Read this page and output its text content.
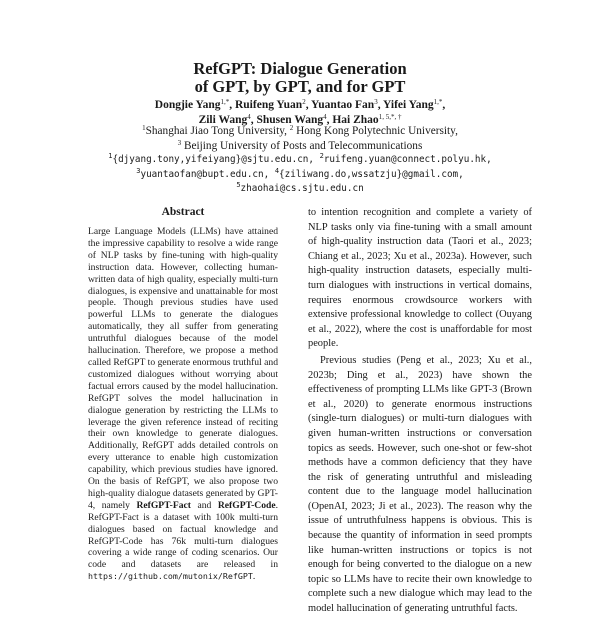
RefGPT: Dialogue Generation
of GPT, by GPT, and for GPT
Dongjie Yang$^{1,*}$, Ruifeng Yuan$^2$, Yuantao Fan$^3$, Yifei Yang$^{1,*}$,
Zili Wang$^4$, Shusen Wang$^4$, Hai Zhao$^{1, 5,*, \dagger}$
$^1$Shanghai Jiao Tong University, $^2$ Hong Kong Polytechnic University,
$^3$ Beijing University of Posts and Telecommunications
$^1${djyang.tony,yifeiyang}@sjtu.edu.cn, $^2$ruifeng.yuan@connect.polyu.hk,
$^3$yuantaofan@bupt.edu.cn, $^4${ziliwang.do,wssatzju}@gmail.com,
$^5$zhaohai@cs.sjtu.edu.cn
Abstract
Large Language Models (LLMs) have attained the impressive capability to resolve a wide range of NLP tasks by fine-tuning with high-quality instruction data. However, collecting human-written data of high quality, especially multi-turn dialogues, is expensive and unattainable for most people. Though previous studies have used powerful LLMs to generate the dialogues automatically, they all suffer from generating untruthful dialogues because of the model hallucination. Therefore, we propose a method called RefGPT to generate enormous truthful and customized dialogues without worrying about factual errors caused by the model hallucination. RefGPT solves the model hallucination in dialogue generation by restricting the LLMs to leverage the given reference instead of reciting their own knowledge to generate dialogues. Additionally, RefGPT adds detailed controls on every utterance to enable high customization capability, which previous studies have ignored. On the basis of RefGPT, we also propose two high-quality dialogue datasets generated by GPT-4, namely RefGPT-Fact and RefGPT-Code. RefGPT-Fact is a dataset with 100k multi-turn dialogues based on factual knowledge and RefGPT-Code has 76k multi-turn dialogues covering a wide range of coding scenarios. Our code and datasets are released in https://github.com/mutonix/RefGPT.

to intention recognition and complete a variety of NLP tasks only via fine-tuning with a small amount of high-quality instruction data (Taori et al., 2023; Chiang et al., 2023; Xu et al., 2023a). However, such high-quality instruction datasets, especially multi-turn dialogues with instructions in vertical domains, requires enormous crowdsource workers with extensive professional knowledge to collect (Ouyang et al., 2022), where the cost is unaffordable for most people.

Previous studies (Peng et al., 2023; Xu et al., 2023b; Ding et al., 2023) have shown the effectiveness of prompting LLMs like GPT-3 (Brown et al., 2020) to generate enormous instructions (single-turn dialogues) or multi-turn dialogues with given human-written instructions or conversation topics as seeds. However, such one-shot or few-shot methods have a common deficiency that they have the risk of generating untruthful and misleading content due to the language model hallucination (OpenAI, 2023; Ji et al., 2023). The reason why the issue of untruthfulness happens is obvious. This is because the quantity of information in seed prompts like human-written instructions or topics is not enough for being converted to the dialogue on a new topic so LLMs have to recite their own knowledge to complete such a new dialogue which may lead to the model hallucination of generating untruthful facts.
